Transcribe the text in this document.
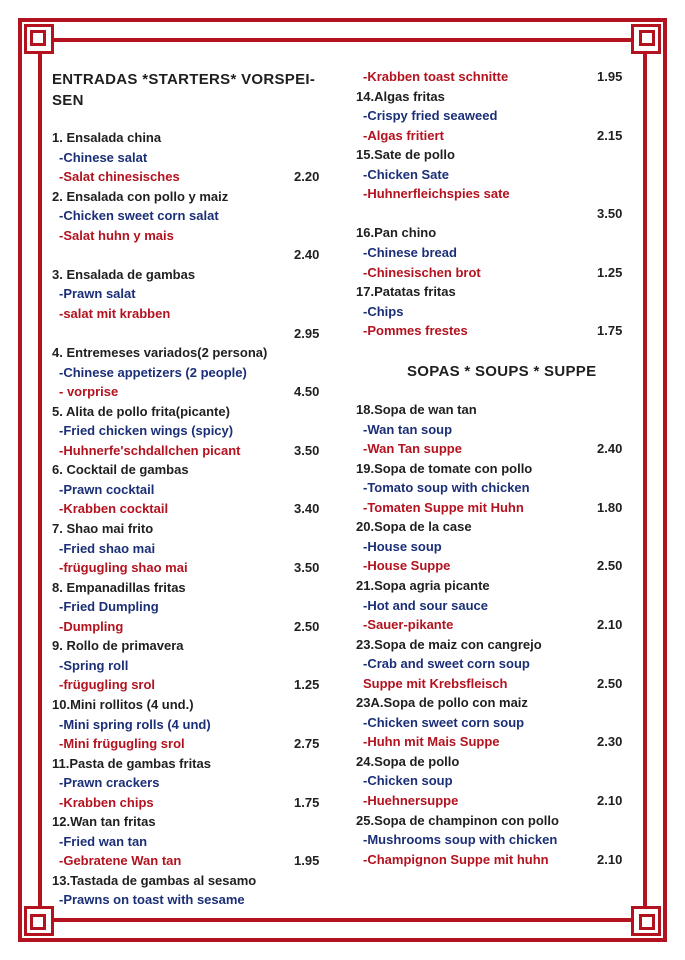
ENTRADAS *STARTERS* VORSPEI-
SEN
1. Ensalada china
-Chinese salat
-Salat chinesisches	2.20
2. Ensalada con pollo y maiz
-Chicken sweet corn salat
-Salat huhn y mais
2.40
3. Ensalada de gambas
-Prawn salat
-salat mit krabben
2.95
4. Entremeses variados(2 persona)
-Chinese appetizers (2 people)
- vorprise	4.50
5. Alita de pollo frita(picante)
-Fried chicken wings (spicy)
-Huhnerfe'schdallchen picant	3.50
6. Cocktail de gambas
-Prawn cocktail
-Krabben cocktail	3.40
7. Shao mai frito
-Fried shao mai
-frügugling shao mai	3.50
8. Empanadillas fritas
-Fried Dumpling
-Dumpling	2.50
9. Rollo de primavera
-Spring roll
-frügugling srol	1.25
10.Mini rollitos (4 und.)
-Mini spring rolls (4 und)
-Mini frügugling srol	2.75
11.Pasta de gambas fritas
-Prawn crackers
-Krabben chips	1.75
12.Wan tan fritas
-Fried wan tan
-Gebratene Wan tan	1.95
13.Tastada de gambas al sesamo
-Prawns on toast with sesame
-Krabben toast schnitte	1.95
14.Algas fritas
-Crispy fried seaweed
-Algas fritiert	2.15
15.Sate de pollo
-Chicken Sate
-Huhnerfleichspies sate
3.50
16.Pan chino
-Chinese bread
-Chinesischen brot	1.25
17.Patatas fritas
-Chips
-Pommes frestes	1.75
SOPAS * SOUPS * SUPPE
18.Sopa de wan tan
-Wan tan soup
-Wan Tan suppe	2.40
19.Sopa de tomate con pollo
-Tomato soup with chicken
-Tomaten Suppe mit Huhn	1.80
20.Sopa de la case
-House soup
-House Suppe	2.50
21.Sopa agria picante
-Hot and sour sauce
-Sauer-pikante	2.10
23.Sopa de maiz con cangrejo
-Crab and sweet corn soup
Suppe mit Krebsfleisch	2.50
23A.Sopa de pollo con maiz
-Chicken sweet corn soup
-Huhn mit Mais Suppe	2.30
24.Sopa de pollo
-Chicken soup
-Huehnersuppe	2.10
25.Sopa de champinon con pollo
-Mushrooms soup with chicken
-Champignon Suppe mit huhn	2.10
